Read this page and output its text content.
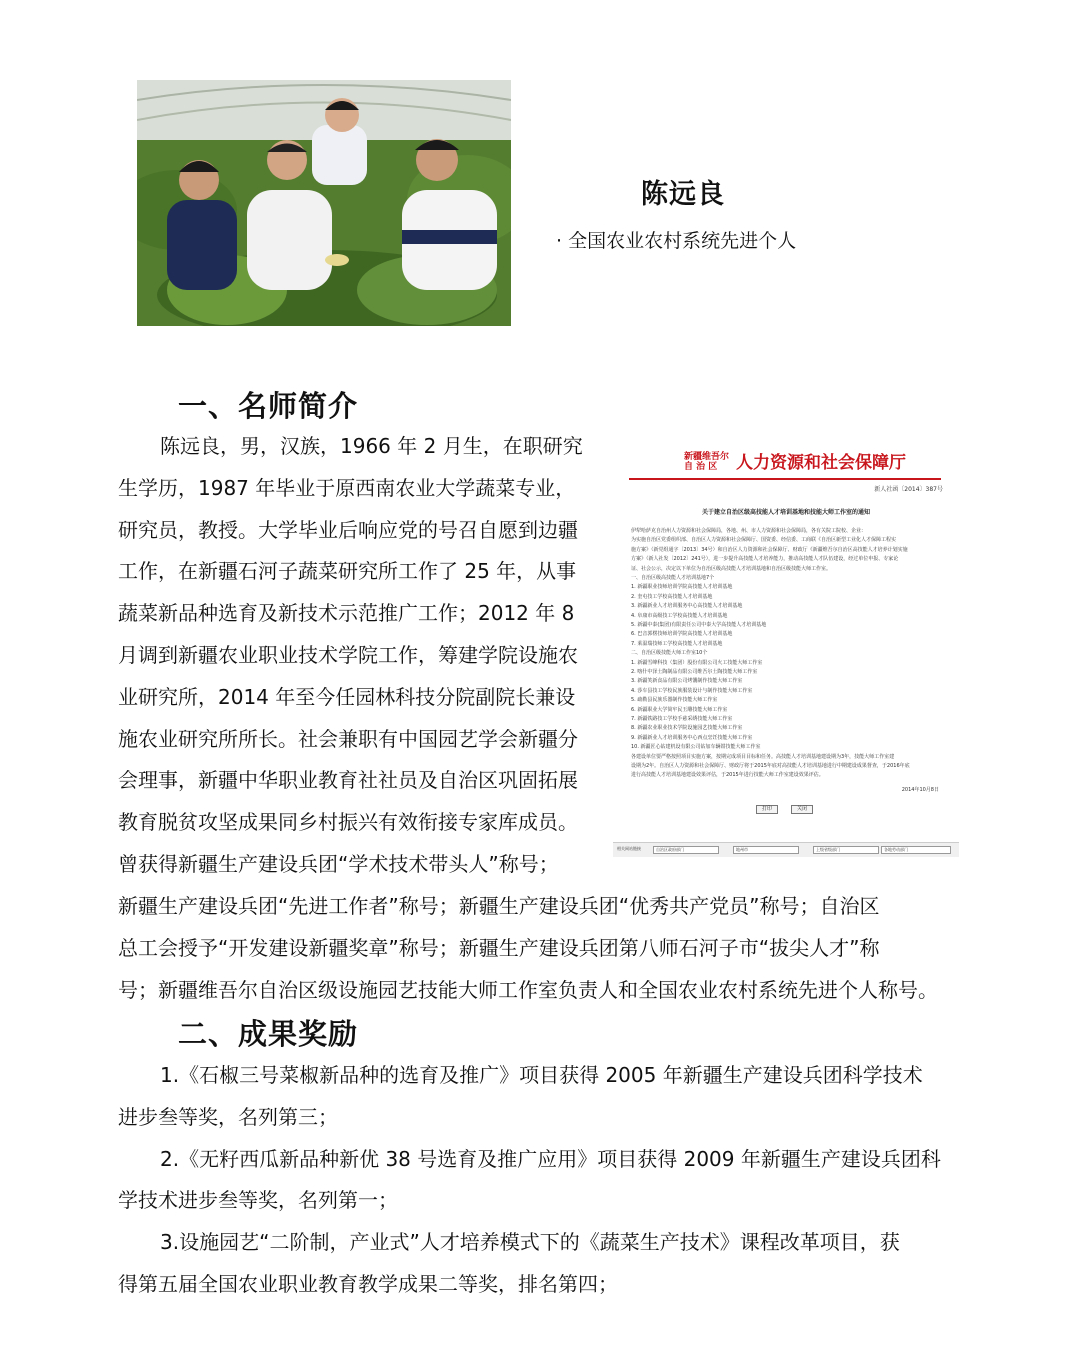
陈远良
· 全国农业农村系统先进个人
一、名师简介
陈远良，男，汉族，1966 年 2 月生，在职研究
生学历，1987 年毕业于原西南农业大学蔬菜专业，
研究员，教授。大学毕业后响应党的号召自愿到边疆
工作，在新疆石河子蔬菜研究所工作了 25 年，从事
蔬菜新品种选育及新技术示范推广工作；2012 年 8
月调到新疆农业职业技术学院工作，筹建学院设施农
业研究所，2014 年至今任园林科技分院副院长兼设
施农业研究所所长。社会兼职有中国园艺学会新疆分
会理事，新疆中华职业教育社社员及自治区巩固拓展
教育脱贫攻坚成果同乡村振兴有效衔接专家库成员。
曾获得新疆生产建设兵团“学术技术带头人”称号；
新疆生产建设兵团“先进工作者”称号；新疆生产建设兵团“优秀共产党员”称号；自治区
总工会授予“开发建设新疆奖章”称号；新疆生产建设兵团第八师石河子市“拔尖人才”称
号；新疆维吾尔自治区级设施园艺技能大师工作室负责人和全国农业农村系统先进个人称号。
新疆维吾尔
自 治 区	人力资源和社会保障厅
新人社函〔2014〕387号
关于建立自治区级高技能人才培训基地和技能大师工作室的通知
伊犁哈萨克自治州人力资源和社会保障局，各地、州、市人力资源和社会保障局，各有关院工院校、企业：
为实施自治区党委组织部、自治区人力资源和社会保障厅、国资委、经信委、工商联《自治区新型工业化人才保障工程实
施方案》（新党组通字〔2013〕34号）和自治区人力资源和社会保障厅、财政厅《新疆维吾尔自治区高技能人才培养计划实施
方案》（新人社发〔2012〕241号），进一步提升高技能人才培养能力，推动高技能人才队伍建设，经过单位申报、专家论
证、社会公示，决定以下单位为自治区级高技能人才培训基地和自治区级技能大师工作室。
一、自治区级高技能人才培训基地7个
1. 新疆职业技师培训学院高技能人才培训基地
2. 奎屯技工学校高技能人才培训基地
3. 新疆新业人才培训服务中心高技能人才培训基地
4. 阜康市高级技工学校高技能人才培训基地
5. 新疆中泰(集团)有限责任公司中泰大学高技能人才培训基地
6. 巴音郭楞技师培训学院高技能人才培训基地
7. 莱温瑞技师工学校高技能人才培训基地
二、自治区级技能大师工作室10个
1. 新疆雪峰科技（集团）股份有限公司火工技能大师工作室
2. 喀什中泽土陶制品有限公司维吾尔土陶技能大师工作室
3. 新疆笑新食品有限公司烤馕制作技能大师工作室
4. 莎车县技工学校民族服装设计与制作技能大师工作室
5. 疏勒县民族乐器制作技能大师工作室
6. 新疆职业大学简牢民玉雕技能大师工作室
7. 新疆铁路技工学校手慈采绣技能大师工作室
8. 新疆农业职业技术学院设施园艺技能大师工作室
9. 新疆新业人才培训服务中心西点烹饪技能大师工作室
10. 新疆匠心钻建机设有限公司钻加车辆钳技能大师工作室
各建设单位要严格按照项目实施方案，按期完成项目目标和任务。高技能人才培训基地建设期为3年，技能大师工作室建
设期为2年。自治区人力资源和社会保障厅、财政厅将于2015年底对高技能人才培训基地进行中期建设成果督查，于2016年底
进行高技能人才培训基地建设效果评估，于2015年进行技能大师工作室建设效果评估。
2014年10月8日
打印	关闭
相关网站链接	自治区政府部门	地州市	上级省级部门	各地劳动部门
二、成果奖励
1.《石椒三号菜椒新品种的选育及推广》项目获得 2005 年新疆生产建设兵团科学技术
进步叁等奖，名列第三；
2.《无籽西瓜新品种新优 38 号选育及推广应用》项目获得 2009 年新疆生产建设兵团科
学技术进步叁等奖，名列第一；
3.设施园艺“二阶制，产业式”人才培养模式下的《蔬菜生产技术》课程改革项目，获
得第五届全国农业职业教育教学成果二等奖，排名第四；
